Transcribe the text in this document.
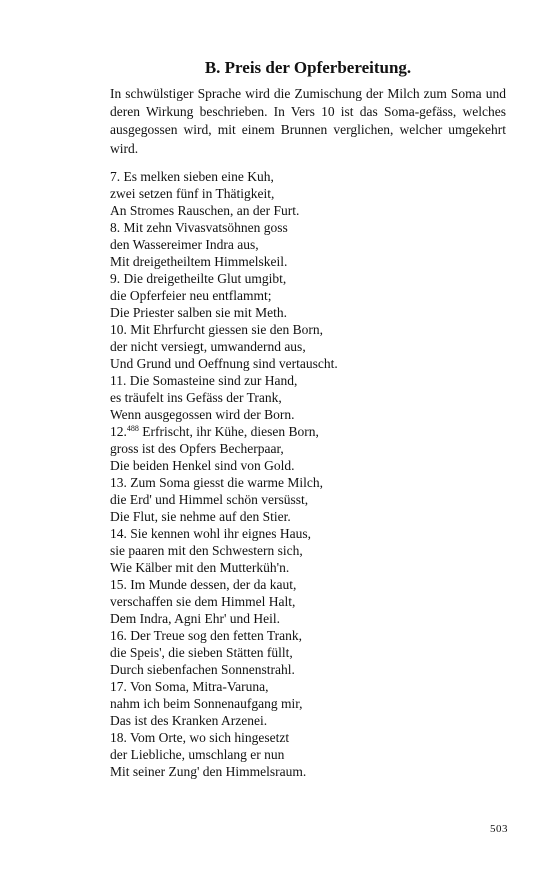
B. Preis der Opferbereitung.

In schwülstiger Sprache wird die Zumischung der Milch zum Soma und deren Wirkung beschrieben. In Vers 10 ist das Soma-gefäss, welches ausgegossen wird, mit einem Brunnen verglichen, welcher umgekehrt wird.

7. Es melken sieben eine Kuh,
zwei setzen fünf in Thätigkeit,
An Stromes Rauschen, an der Furt.
8. Mit zehn Vivasvatsöhnen goss
den Wassereimer Indra aus,
Mit dreigetheiltem Himmelskeil.
9. Die dreigetheilte Glut umgibt,
die Opferfeier neu entflammt;
Die Priester salben sie mit Meth.
10. Mit Ehrfurcht giessen sie den Born,
der nicht versiegt, umwandernd aus,
Und Grund und Oeffnung sind vertauscht.
11. Die Somasteine sind zur Hand,
es träufelt ins Gefäss der Trank,
Wenn ausgegossen wird der Born.
12.$^{488}$ Erfrischt, ihr Kühe, diesen Born,
gross ist des Opfers Becherpaar,
Die beiden Henkel sind von Gold.
13. Zum Soma giesst die warme Milch,
die Erd' und Himmel schön versüsst,
Die Flut, sie nehme auf den Stier.
14. Sie kennen wohl ihr eignes Haus,
sie paaren mit den Schwestern sich,
Wie Kälber mit den Mutterküh'n.
15. Im Munde dessen, der da kaut,
verschaffen sie dem Himmel Halt,
Dem Indra, Agni Ehr' und Heil.
16. Der Treue sog den fetten Trank,
die Speis', die sieben Stätten füllt,
Durch siebenfachen Sonnenstrahl.
17. Von Soma, Mitra-Varuna,
nahm ich beim Sonnenaufgang mir,
Das ist des Kranken Arzenei.
18. Vom Orte, wo sich hingesetzt
der Liebliche, umschlang er nun
Mit seiner Zung' den Himmelsraum.

503
